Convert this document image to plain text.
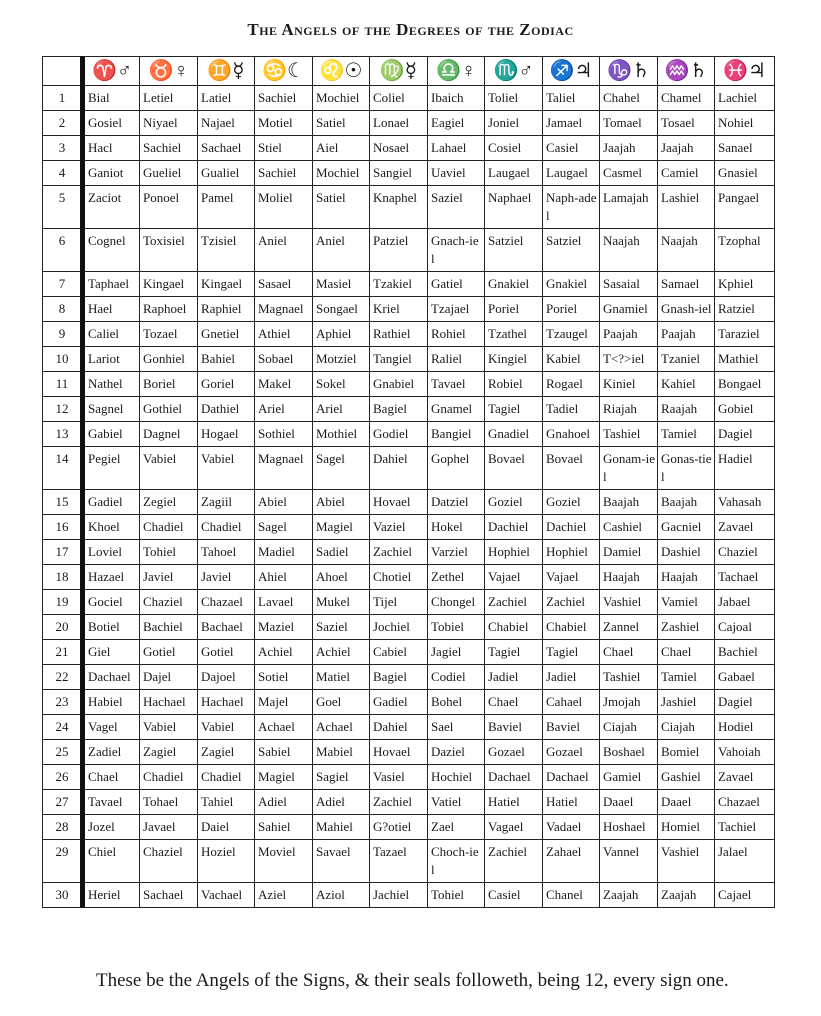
The Angels of the Degrees of the Zodiac
	♈♂	♉♀	♊☿	♋☾	♌☉	♍☿	♎♀	♏♂	♐♃	♑♄	♒♄	♓♃
1	Bial	Letiel	Latiel	Sachiel	Mochiel	Coliel	Ibaich	Toliel	Taliel	Chahel	Chamel	Lachiel
2	Gosiel	Niyael	Najael	Motiel	Satiel	Lonael	Eagiel	Joniel	Jamael	Tomael	Tosael	Nohiel
3	Hacl	Sachiel	Sachael	Stiel	Aiel	Nosael	Lahael	Cosiel	Casiel	Jaajah	Jaajah	Sanael
4	Ganiot	Gueliel	Gualiel	Sachiel	Mochiel	Sangiel	Uaviel	Laugael	Laugael	Casmel	Camiel	Gnasiel
5	Zaciot	Ponoel	Pamel	Moliel	Satiel	Knaphel	Saziel	Naphael	Naph-adel	Lamajah	Lashiel	Pangael
6	Cognel	Toxisiel	Tzisiel	Aniel	Aniel	Patziel	Gnach-iel	Satziel	Satziel	Naajah	Naajah	Tzophal
7	Taphael	Kingael	Kingael	Sasael	Masiel	Tzakiel	Gatiel	Gnakiel	Gnakiel	Sasaial	Samael	Kphiel
8	Hael	Raphoel	Raphiel	Magnael	Songael	Kriel	Tzajael	Poriel	Poriel	Gnamiel	Gnash-iel	Ratziel
9	Caliel	Tozael	Gnetiel	Athiel	Aphiel	Rathiel	Rohiel	Tzathel	Tzaugel	Paajah	Paajah	Taraziel
10	Lariot	Gonhiel	Bahiel	Sobael	Motziel	Tangiel	Raliel	Kingiel	Kabiel	T<?>iel	Tzaniel	Mathiel
11	Nathel	Boriel	Goriel	Makel	Sokel	Gnabiel	Tavael	Robiel	Rogael	Kiniel	Kahiel	Bongael
12	Sagnel	Gothiel	Dathiel	Ariel	Ariel	Bagiel	Gnamel	Tagiel	Tadiel	Riajah	Raajah	Gobiel
13	Gabiel	Dagnel	Hogael	Sothiel	Mothiel	Godiel	Bangiel	Gnadiel	Gnahoel	Tashiel	Tamiel	Dagiel
14	Pegiel	Vabiel	Vabiel	Magnael	Sagel	Dahiel	Gophel	Bovael	Bovael	Gonam-iel	Gonas-tiel	Hadiel
15	Gadiel	Zegiel	Zagiil	Abiel	Abiel	Hovael	Datziel	Goziel	Goziel	Baajah	Baajah	Vahasah
16	Khoel	Chadiel	Chadiel	Sagel	Magiel	Vaziel	Hokel	Dachiel	Dachiel	Cashiel	Gacniel	Zavael
17	Loviel	Tohiel	Tahoel	Madiel	Sadiel	Zachiel	Varziel	Hophiel	Hophiel	Damiel	Dashiel	Chaziel
18	Hazael	Javiel	Javiel	Ahiel	Ahoel	Chotiel	Zethel	Vajael	Vajael	Haajah	Haajah	Tachael
19	Gociel	Chaziel	Chazael	Lavael	Mukel	Tijel	Chongel	Zachiel	Zachiel	Vashiel	Vamiel	Jabael
20	Botiel	Bachiel	Bachael	Maziel	Saziel	Jochiel	Tobiel	Chabiel	Chabiel	Zannel	Zashiel	Cajoal
21	Giel	Gotiel	Gotiel	Achiel	Achiel	Cabiel	Jagiel	Tagiel	Tagiel	Chael	Chael	Bachiel
22	Dachael	Dajel	Dajoel	Sotiel	Matiel	Bagiel	Codiel	Jadiel	Jadiel	Tashiel	Tamiel	Gabael
23	Habiel	Hachael	Hachael	Majel	Goel	Gadiel	Bohel	Chael	Cahael	Jmojah	Jashiel	Dagiel
24	Vagel	Vabiel	Vabiel	Achael	Achael	Dahiel	Sael	Baviel	Baviel	Ciajah	Ciajah	Hodiel
25	Zadiel	Zagiel	Zagiel	Sabiel	Mabiel	Hovael	Daziel	Gozael	Gozael	Boshael	Bomiel	Vahoiah
26	Chael	Chadiel	Chadiel	Magiel	Sagiel	Vasiel	Hochiel	Dachael	Dachael	Gamiel	Gashiel	Zavael
27	Tavael	Tohael	Tahiel	Adiel	Adiel	Zachiel	Vatiel	Hatiel	Hatiel	Daael	Daael	Chazael
28	Jozel	Javael	Daiel	Sahiel	Mahiel	G?otiel	Zael	Vagael	Vadael	Hoshael	Homiel	Tachiel
29	Chiel	Chaziel	Hoziel	Moviel	Savael	Tazael	Choch-iel	Zachiel	Zahael	Vannel	Vashiel	Jalael
30	Heriel	Sachael	Vachael	Aziel	Aziol	Jachiel	Tohiel	Casiel	Chanel	Zaajah	Zaajah	Cajael
These be the Angels of the Signs, & their seals followeth, being 12, every sign one.
